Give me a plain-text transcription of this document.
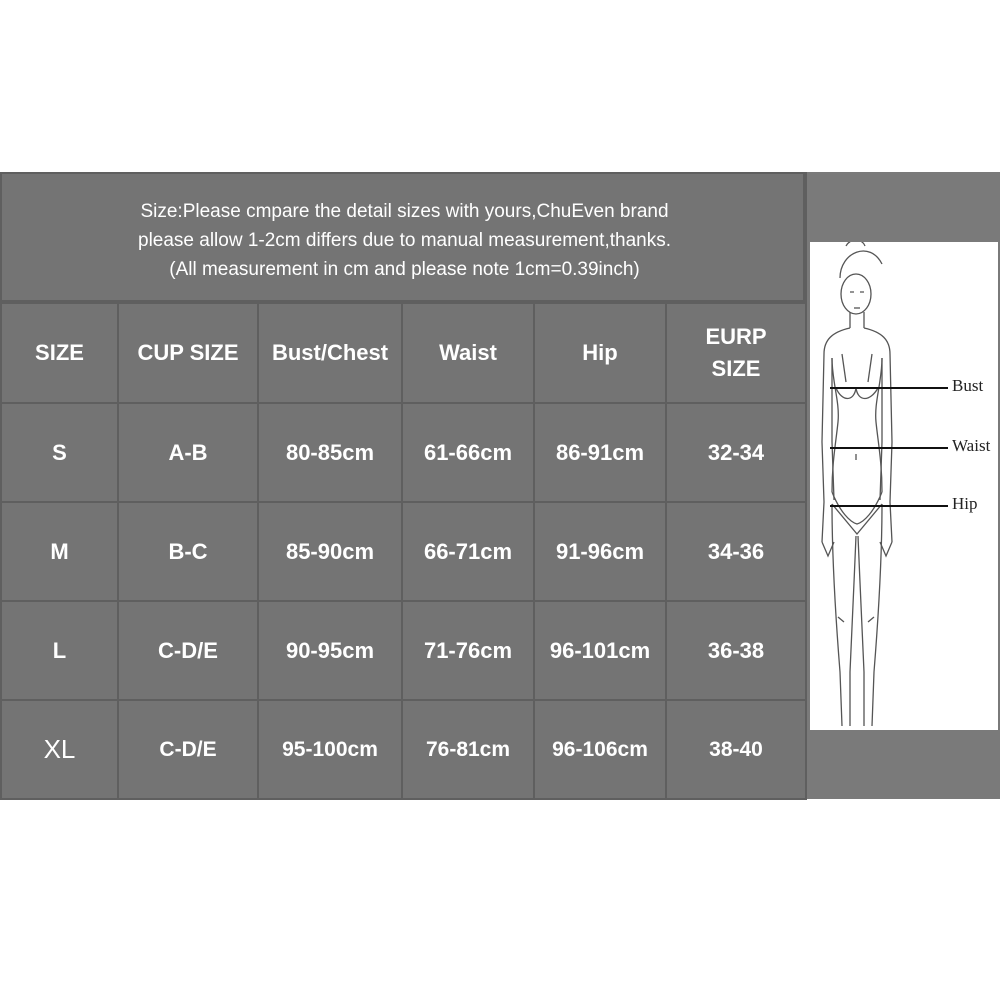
Size:Please cmpare the detail sizes with yours,ChuEven brand
please allow 1-2cm differs due to manual measurement,thanks.
(All measurement in cm and please note 1cm=0.39inch)
SIZE	CUP SIZE	Bust/Chest	Waist	Hip	EURP SIZE
S	A-B	80-85cm	61-66cm	86-91cm	32-34
M	B-C	85-90cm	66-71cm	91-96cm	34-36
L	C-D/E	90-95cm	71-76cm	96-101cm	36-38
XL	C-D/E	95-100cm	76-81cm	96-106cm	38-40
Bust
Waist
Hip
